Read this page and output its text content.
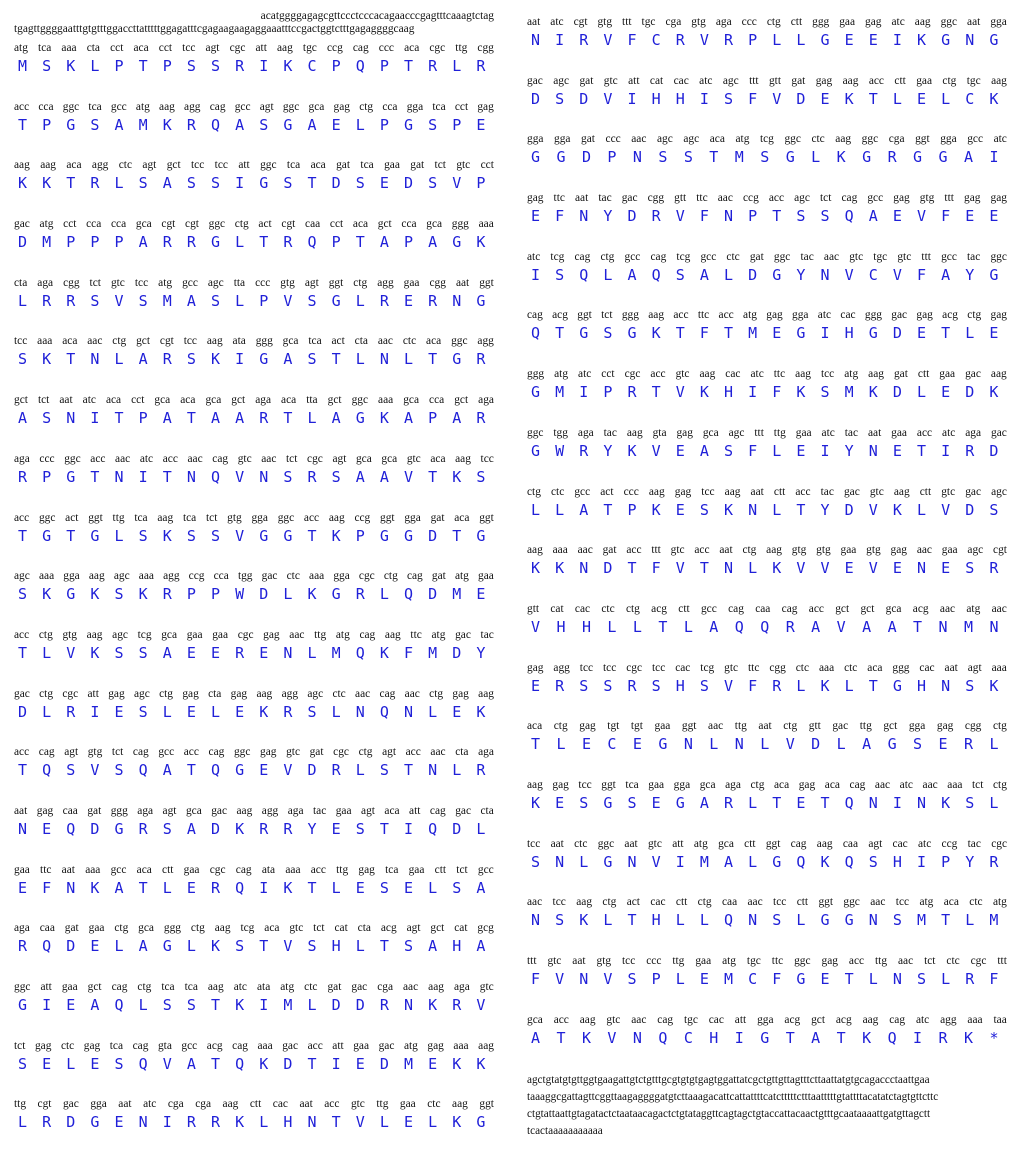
acatggggagagcgttccctcccacagaacccgagtttcaaagtctag
tgagttggggaatttgtgtttggaccttatttttggagatttcgagaagaagaggaaatttccgactggtctttgagaggggcaag
atg tca aaa cta cct aca cct tcc agt cgc att aag tgc ccg cag ccc aca cgc ttg cgg
M S K L P T P S S R I K C P Q P T R L R
acc cca ggc tca gcc atg aag agg cag gcc agt ggc gca gag ctg cca gga tca cct gag
T P G S A M K R Q A S G A E L P G S P E
aag aag aca agg ctc agt gct tcc tcc att ggc tca aca gat tca gaa gat tct gtc cct
K K T R L S A S S I G S T D S E D S V P
gac atg cct cca cca gca cgt cgt ggc ctg act cgt caa cct aca gct cca gca ggg aaa
D M P P P A R R G L T R Q P T A P A G K
cta aga cgg tct gtc tcc atg gcc agc tta ccc gtg agt ggt ctg agg gaa cgg aat ggt
L R R S V S M A S L P V S G L R E R N G
tcc aaa aca aac ctg gct cgt tcc aag ata ggg gca tca act cta aac ctc aca ggc agg
S K T N L A R S K I G A S T L N L T G R
gct tct aat atc aca cct gca aca gca gct aga aca tta gct ggc aaa gca cca gct aga
A S N I T P A T A A R T L A G K A P A R
aga ccc ggc acc aac atc acc aac cag gtc aac tct cgc agt gca gca gtc aca aag tcc
R P G T N I T N Q V N S R S A A V T K S
acc ggc act ggt ttg tca aag tca tct gtg gga ggc acc aag ccg ggt gga gat aca ggt
T G T G L S K S S V G G T K P G G D T G
agc aaa gga aag agc aaa agg ccg cca tgg gac ctc aaa gga cgc ctg cag gat atg gaa
S K G K S K R P P W D L K G R L Q D M E
acc ctg gtg aag agc tcg gca gaa gaa cgc gag aac ttg atg cag aag ttc atg gac tac
T L V K S S A E E R E N L M Q K F M D Y
gac ctg cgc att gag agc ctg gag cta gag aag agg agc ctc aac cag aac ctg gag aag
D L R I E S L E L E K R S L N Q N L E K
acc cag agt gtg tct cag gcc acc cag ggc gag gtc gat cgc ctg agt acc aac cta aga
T Q S V S Q A T Q G E V D R L S T N L R
aat gag caa gat ggg aga agt gca gac aag agg aga tac gaa agt aca att cag gac cta
N E Q D G R S A D K R R Y E S T I Q D L
gaa ttc aat aaa gcc aca ctt gaa cgc cag ata aaa acc ttg gag tca gaa ctt tct gcc
E F N K A T L E R Q I K T L E S E L S A
aga caa gat gaa ctg gca ggg ctg aag tcg aca gtc tct cat cta acg agt gct cat gcg
R Q D E L A G L K S T V S H L T S A H A
ggc att gaa gct cag ctg tca tca aag atc ata atg ctc gat gac cga aac aag aga gtc
G I E A Q L S S T K I M L D D R N K R V
tct gag ctc gag tca cag gta gcc acg cag aaa gac acc att gaa gac atg gag aaa aag
S E L E S Q V A T Q K D T I E D M E K K
ttg cgt gac gga aat atc cga cga aag ctt cac aat acc gtc ttg gaa ctc aag ggt
L R D G E N I R R K L H N T V L E L K G
aat atc cgt gtg ttt tgc cga gtg aga ccc ctg ctt ggg gaa gag atc aag ggc aat gga
N I R V F C R V R P L L G E E I K G N G
gac agc gat gtc att cat cac atc agc ttt gtt gat gag aag acc ctt gaa ctg tgc aag
D S D V I H H I S F V D E K T L E L C K
gga gga gat ccc aac agc agc aca atg tcg ggc ctc aag ggc cga ggt gga gcc atc
G G D P N S S T M S G L K G R G G A I
gag ttc aat tac gac cgg gtt ttc aac ccg acc agc tct cag gcc gag gtg ttt gag gag
E F N Y D R V F N P T S S Q A E V F E E
atc tcg cag ctg gcc cag tcg gcc ctc gat ggc tac aac gtc tgc gtc ttt gcc tac ggc
I S Q L A Q S A L D G Y N V C V F A Y G
cag acg ggt tct ggg aag acc ttc acc atg gag gga atc cac ggg gac gag acg ctg gag
Q T G S G K T F T M E G I H G D E T L E
ggg atg atc cct cgc acc gtc aag cac atc ttc aag tcc atg aag gat ctt gaa gac aag
G M I P R T V K H I F K S M K D L E D K
ggc tgg aga tac aag gta gag gca agc ttt ttg gaa atc tac aat gaa acc atc aga gac
G W R Y K V E A S F L E I Y N E T I R D
ctg ctc gcc act ccc aag gag tcc aag aat ctt acc tac gac gtc aag ctt gtc gac agc
L L A T P K E S K N L T Y D V K L V D S
aag aaa aac gat acc ttt gtc acc aat ctg aag gtg gtg gaa gtg gag aac gaa agc cgt
K K N D T F V T N L K V V E V E N E S R
gtt cat cac ctc ctg acg ctt gcc cag caa cag acc gct gct gca acg aac atg aac
V H H L L T L A Q Q R A V A A T N M N
gag agg tcc tcc cgc tcc cac tcg gtc ttc cgg ctc aaa ctc aca ggg cac aat agt aaa
E R S S R S H S V F R L K L T G H N S K
aca ctg gag tgt tgt gaa ggt aac ttg aat ctg gtt gac ttg gct gga gag cgg ctg
T L E C E G N L N L V D L A G S E R L
aag gag tcc ggt tca gaa gga gca aga ctg aca gag aca cag aac atc aac aaa tct ctg
K E S G S E G A R L T E T Q N I N K S L
tcc aat ctc ggc aat gtc att atg gca ctt ggt cag aag caa agt cac atc ccg tac cgc
S N L G N V I M A L G Q K Q S H I P Y R
aac tcc aag ctg act cac ctt ctg caa aac tcc ctt ggt ggc aac tcc atg aca ctc atg
N S K L T H L L Q N S L G G N S M T L M
ttt gtc aat gtg tcc ccc ttg gaa atg tgc ttc ggc gag acc ttg aac tct ctc cgc ttt
F V N V S P L E M C F G E T L N S L R F
gca acc aag gtc aac cag tgc cac att gga acg gct acg aag cag atc agg aaa taa
A T K V N Q C H I G T A T K Q I R K *
agctgtatgtgttggtgaagattgtctgtttgcgtgtgtgagtggattatcgctgttgttagtttcttaattatgtgcagaccctaattgaa
taaaggcgattagttcggttaagaggggatgtcttaaagacattcattattttcatctttttctttaatttttgtattttacatatctagtgttcttc
ctgtattaattgtagatactctaataacagactctgtataggttcagtagctgtaccattacaactgtttgcaataaaattgatgttagctt
tcactaaaaaaaaaaa
